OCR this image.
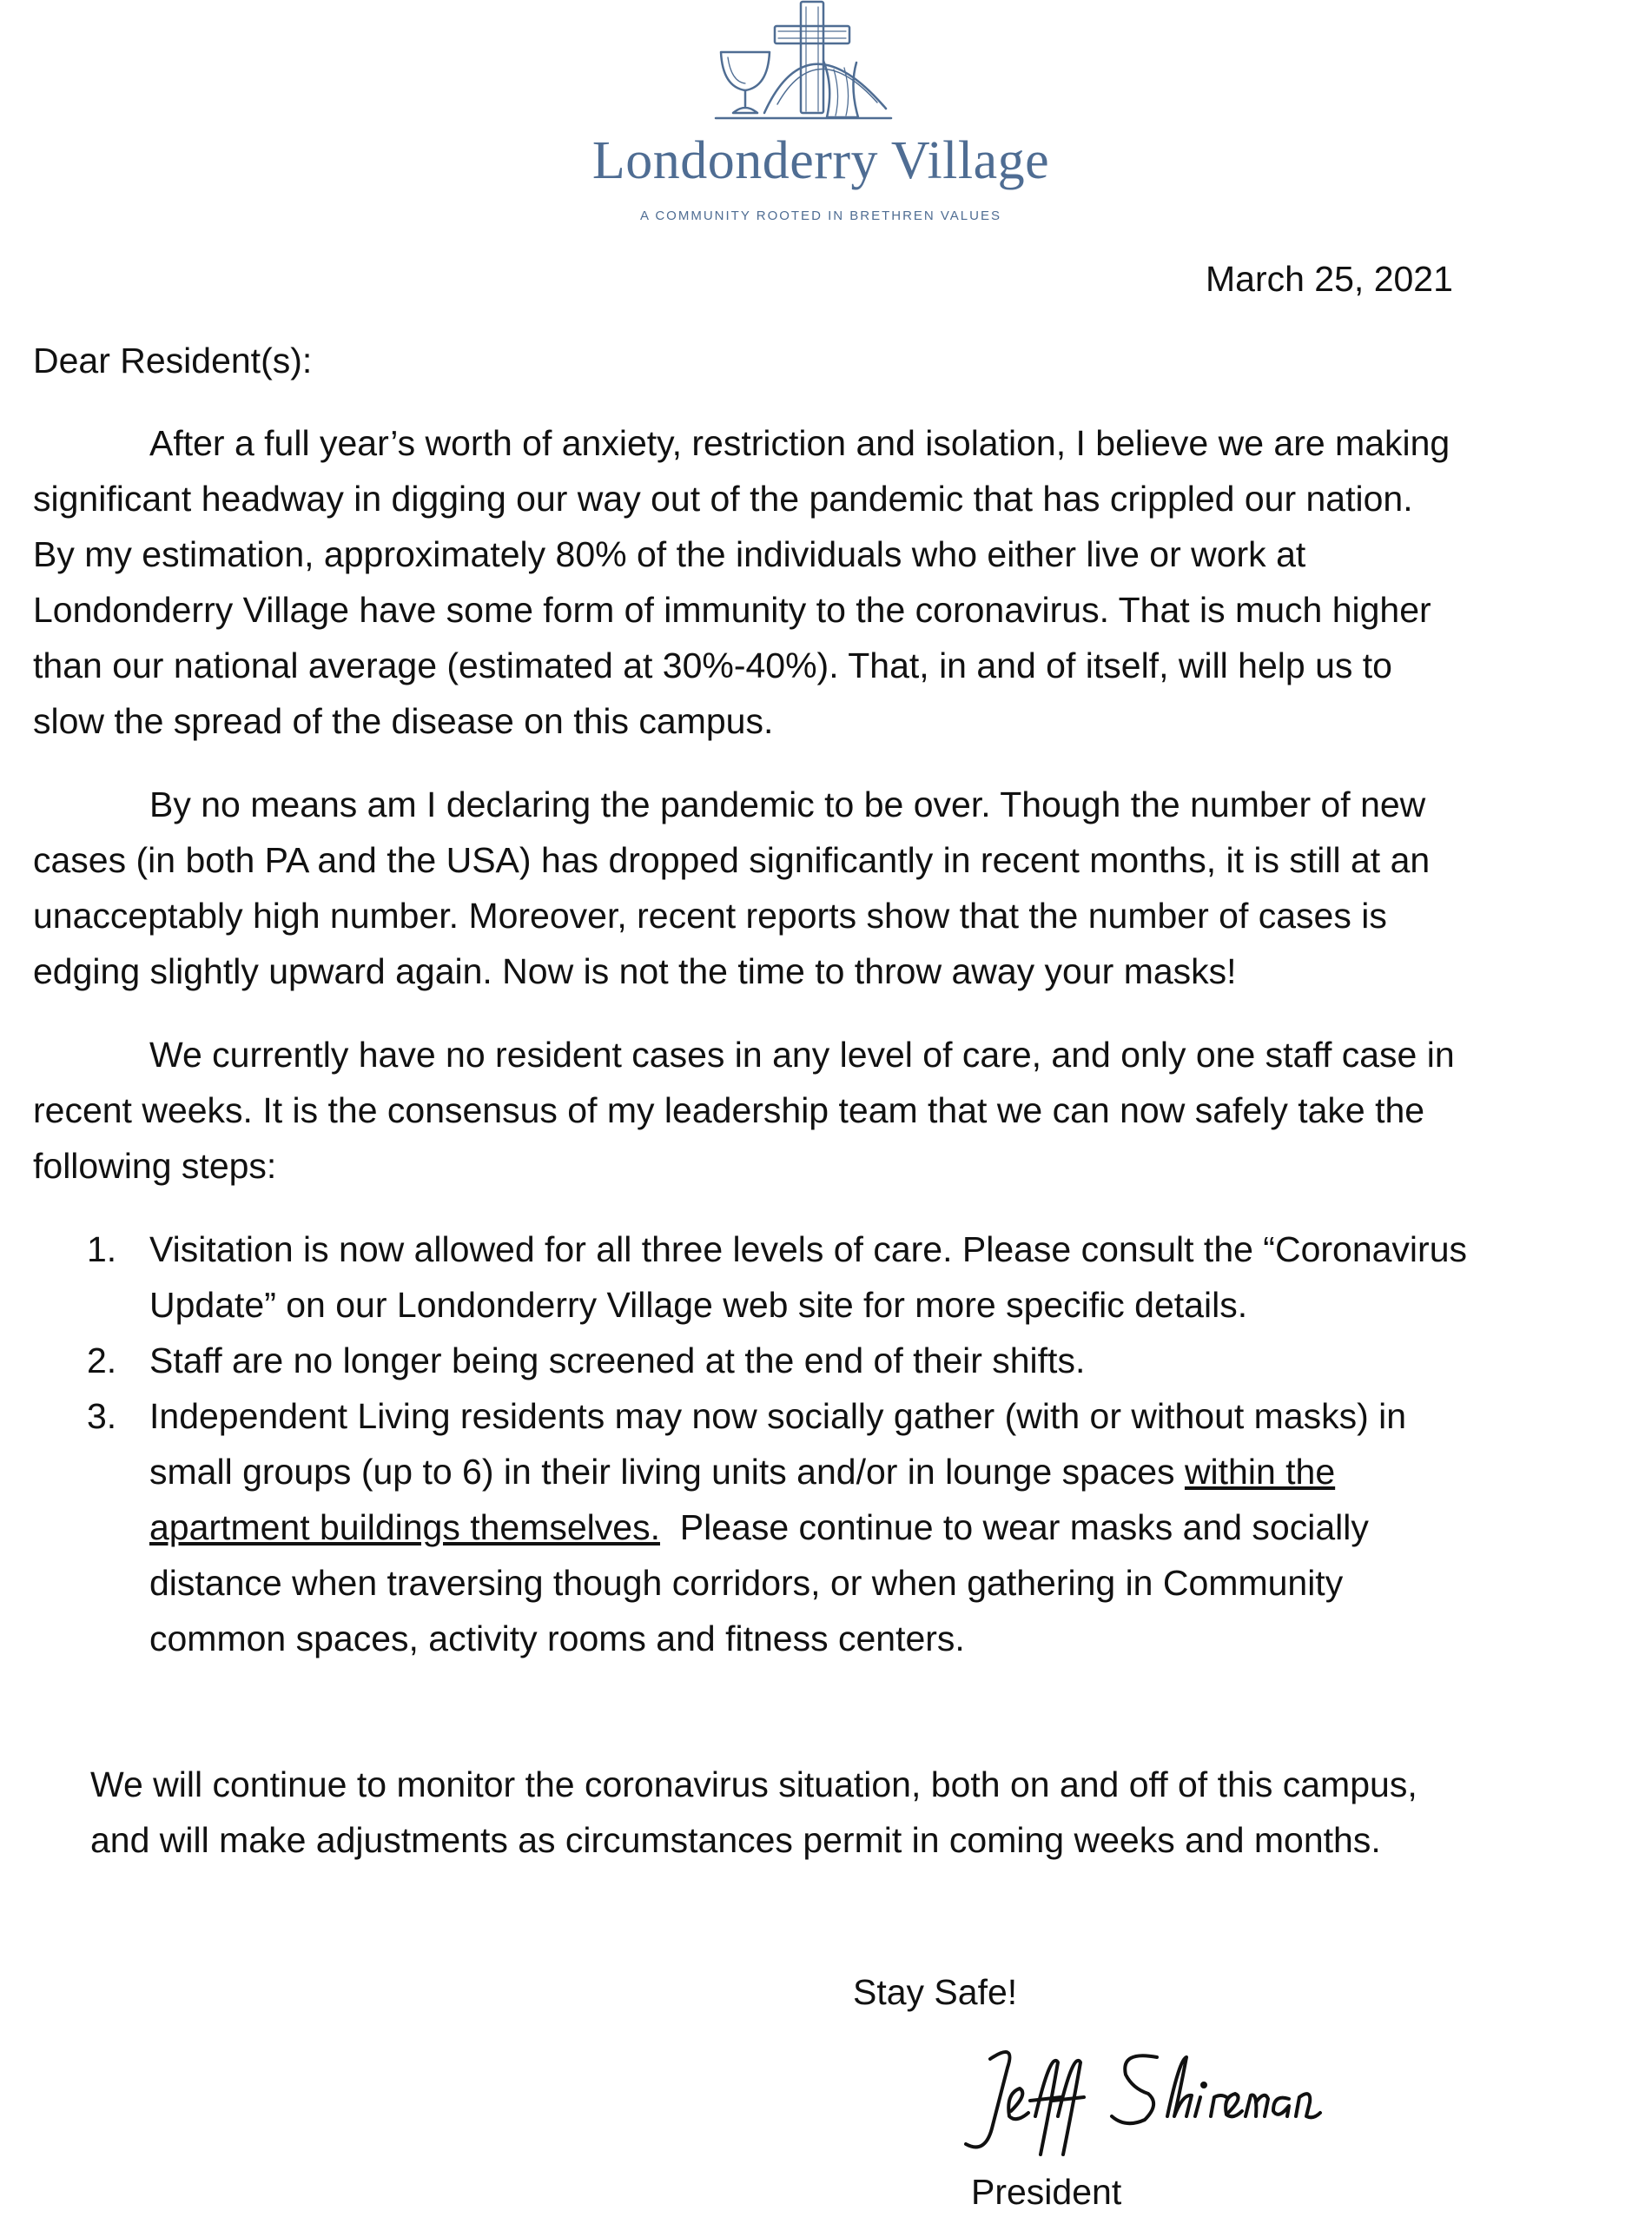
Londonderry Village
A COMMUNITY ROOTED IN BRETHREN VALUES
March 25, 2021
Dear Resident(s):

After a full year’s worth of anxiety, restriction and isolation, I believe we are making
significant headway in digging our way out of the pandemic that has crippled our nation.
By my estimation, approximately 80% of the individuals who either live or work at
Londonderry Village have some form of immunity to the coronavirus. That is much higher
than our national average (estimated at 30%-40%). That, in and of itself, will help us to
slow the spread of the disease on this campus.

By no means am I declaring the pandemic to be over. Though the number of new
cases (in both PA and the USA) has dropped significantly in recent months, it is still at an
unacceptably high number. Moreover, recent reports show that the number of cases is
edging slightly upward again. Now is not the time to throw away your masks!

We currently have no resident cases in any level of care, and only one staff case in
recent weeks. It is the consensus of my leadership team that we can now safely take the
following steps:

1. Visitation is now allowed for all three levels of care. Please consult the “Coronavirus
Update” on our Londonderry Village web site for more specific details.
2. Staff are no longer being screened at the end of their shifts.
3. Independent Living residents may now socially gather (with or without masks) in
small groups (up to 6) in their living units and/or in lounge spaces within the
apartment buildings themselves.  Please continue to wear masks and socially
distance when traversing though corridors, or when gathering in Community
common spaces, activity rooms and fitness centers.
We will continue to monitor the coronavirus situation, both on and off of this campus,
and will make adjustments as circumstances permit in coming weeks and months.
Stay Safe!
President
